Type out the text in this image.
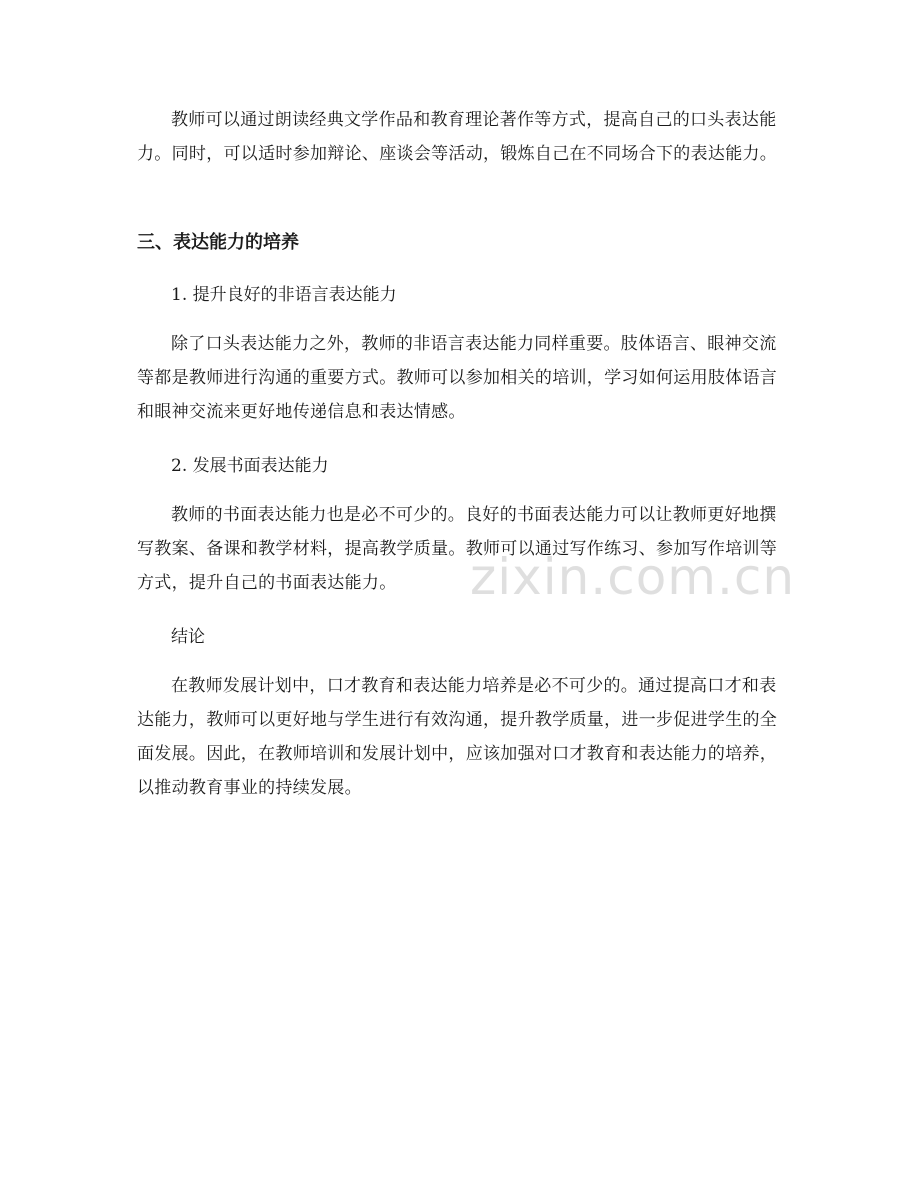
教师可以通过朗读经典文学作品和教育理论著作等方式，提高自己的口头表达能力。同时，可以适时参加辩论、座谈会等活动，锻炼自己在不同场合下的表达能力。

三、表达能力的培养

1. 提升良好的非语言表达能力

除了口头表达能力之外，教师的非语言表达能力同样重要。肢体语言、眼神交流等都是教师进行沟通的重要方式。教师可以参加相关的培训，学习如何运用肢体语言和眼神交流来更好地传递信息和表达情感。

2. 发展书面表达能力

教师的书面表达能力也是必不可少的。良好的书面表达能力可以让教师更好地撰写教案、备课和教学材料，提高教学质量。教师可以通过写作练习、参加写作培训等方式，提升自己的书面表达能力。

结论

在教师发展计划中，口才教育和表达能力培养是必不可少的。通过提高口才和表达能力，教师可以更好地与学生进行有效沟通，提升教学质量，进一步促进学生的全面发展。因此，在教师培训和发展计划中，应该加强对口才教育和表达能力的培养，以推动教育事业的持续发展。

zixin.com.cn
